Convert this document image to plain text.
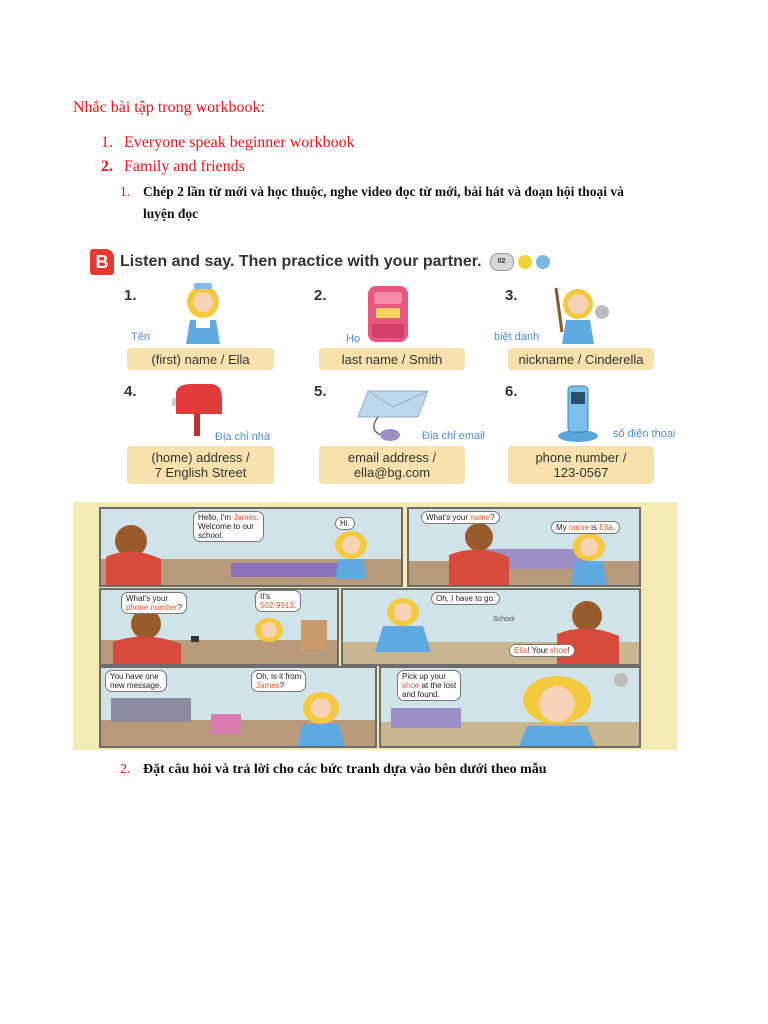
Nhắc bài tập trong workbook:
1. Everyone speak beginner workbook
2. Family and friends
1. Chép 2 lần từ mới và học thuộc, nghe video đọc từ mới, bài hát và đoạn hội thoại và
luyện đọc
B Listen and say. Then practice with your partner.	02
1.
Tên
(first) name / Ella
2.
Họ
last name / Smith
3.
biệt danh
nickname / Cinderella
4.
Địa chỉ nhà
(home) address /
7 English Street
5.
Địa chỉ email
email address /
ella@bg.com
6.
số điện thoại
phone number /
123-0567
Hello, I'm James.
Welcome to our
school.
Hi.
What's your name?
My name is Ella.
What's your
phone number?
It's
502-9913.
Oh, I have to go.
School
Ella! Your shoe!
You have one
new message.
Oh, is it from
James?
Pick up your
shoe at the lost
and found.
2. Đặt câu hỏi và trả lời cho các bức tranh dựa vào bên dưới theo mẫu
